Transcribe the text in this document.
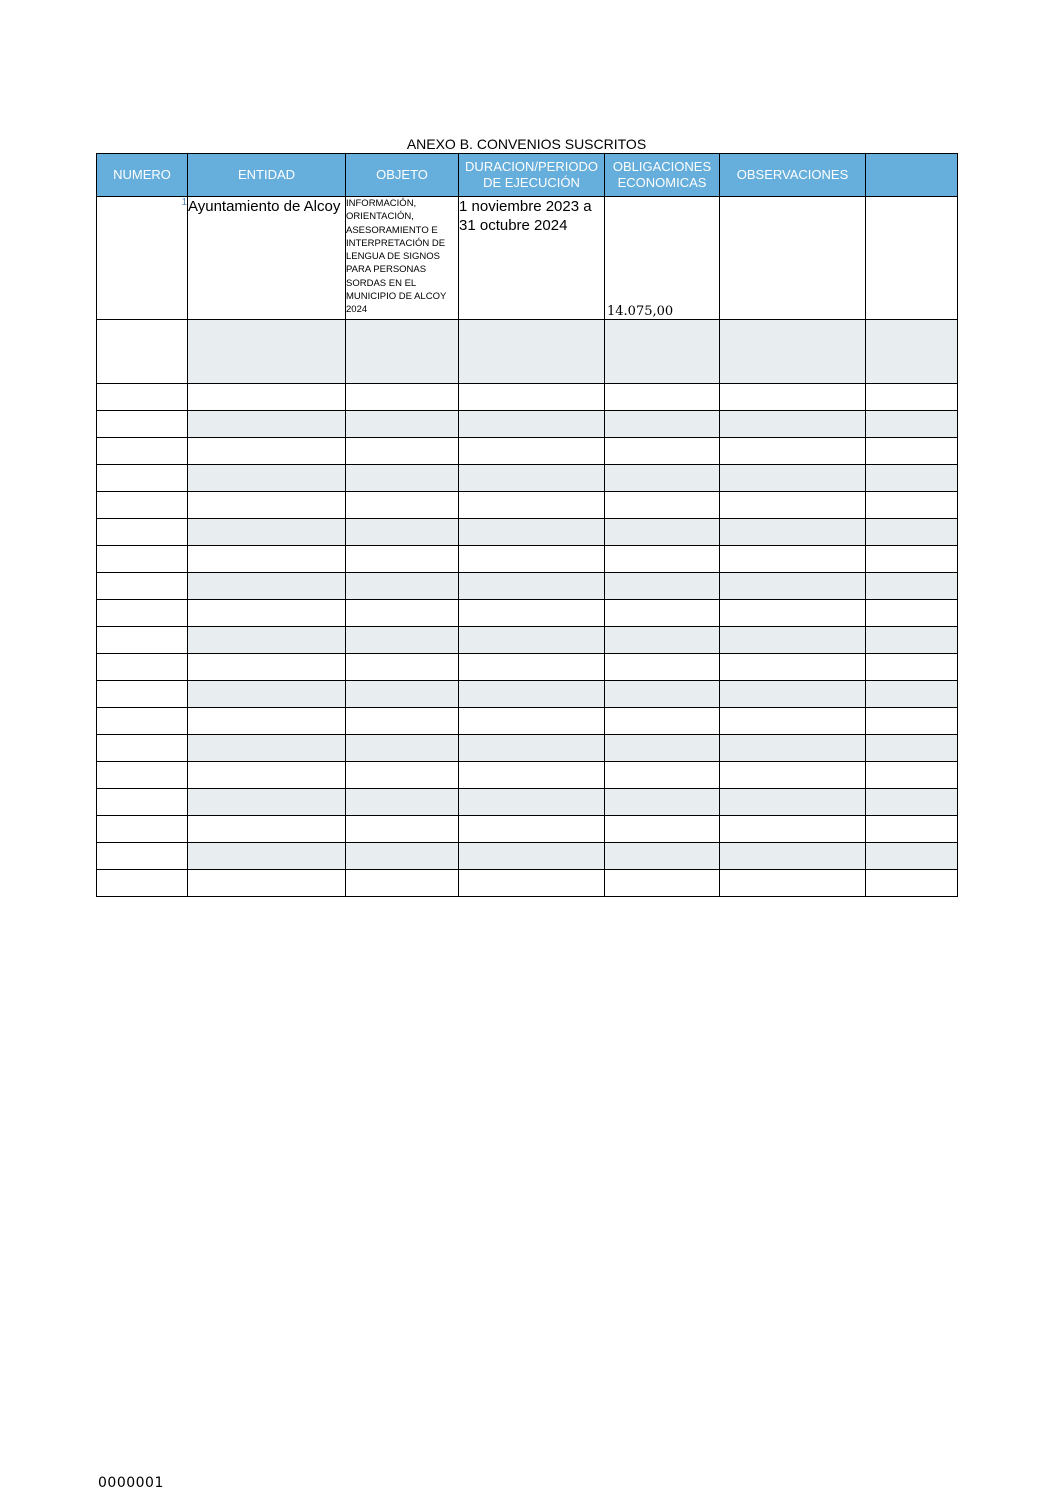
ANEXO B. CONVENIOS SUSCRITOS
NUMERO	ENTIDAD	OBJETO	DURACION/PERIODO DE EJECUCIÓN	OBLIGACIONES ECONOMICAS	OBSERVACIONES	
1	Ayuntamiento de Alcoy	INFORMACIÓN, ORIENTACIÓN, ASESORAMIENTO E INTERPRETACIÓN DE LENGUA DE SIGNOS PARA PERSONAS SORDAS EN EL MUNICIPIO DE ALCOY 2024	1 noviembre 2023 a 31 octubre 2024	14.075,00		

0000001
